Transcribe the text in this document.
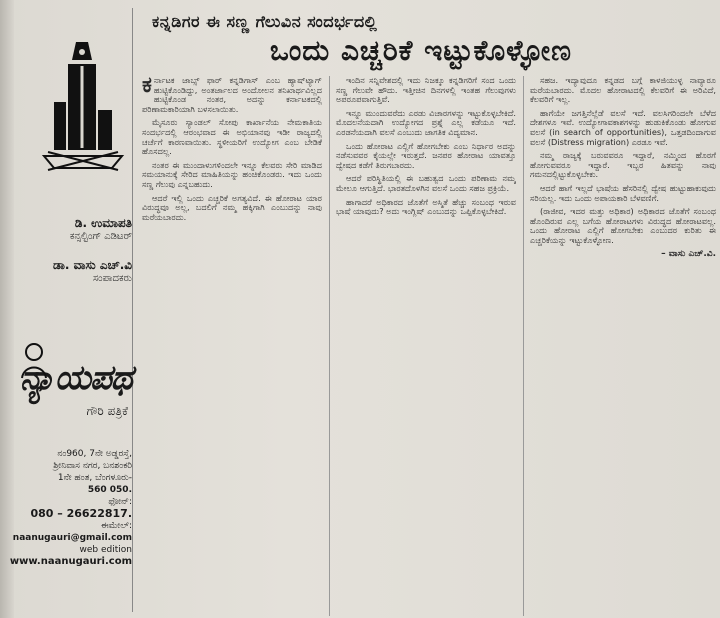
ಡಿ. ಉಮಾಪತಿ
ಕನ್ಸಲ್ಟಿಂಗ್ ಎಡಿಟರ್
ಡಾ. ವಾಸು ಎಚ್.ವಿ
ಸಂಪಾದಕರು
ನ್ಯಾಯಪಥ
ಗೌರಿ ಪತ್ರಿಕೆ
ನಂ960, 7ನೇ ಅಡ್ಡರಸ್ತೆ,
ಶ್ರೀನಿವಾಸ ನಗರ, ಬನಶಂಕರಿ
1ನೇ ಹಂತ, ಬೆಂಗಳೂರು-
560 050.
ಫೋನ್:
080 – 26622817.
ಈಮೇಲ್:
naanugauri@gmail.com
web edition
www.naanugauri.com
ಕನ್ನಡಿಗರ ಈ ಸಣ್ಣ ಗೆಲುವಿನ ಸಂದರ್ಭದಲ್ಲಿ
ಒಂದು ಎಚ್ಚರಿಕೆ ಇಟ್ಟುಕೊಳ್ಳೋಣ

ಕರ್ನಾಟಕ ಜಾಬ್ಸ್ ಫಾರ್ ಕನ್ನಡಿಗಾಸ್ ಎಂಬ ಹ್ಯಾಷ್‌ಟ್ಯಾಗ್ ಹುಟ್ಟಿಕೊಂಡಿದ್ದು, ಅಂತರ್ಜಾಲದ ಅಂದೋಲನ ತನಿಖಾರ್ಥವಿಲ್ಲದ ಹುಟ್ಟಿಕೊಂಡ ನಂತರ, ಅದನ್ನು ಕರ್ನಾಟಕದಲ್ಲಿ ಪರಿಣಾಮಕಾರಿಯಾಗಿ ಬಳಸಲಾಯಿತು.

ಮೈಸೂರು ಸ್ಯಾಂಡಲ್ ಸೋಪು ಕಾರ್ಖಾನೆಯ ನೇಮಕಾತಿಯ ಸಂದರ್ಭದಲ್ಲಿ ಆರಂಭವಾದ ಈ ಅಭಿಯಾನವು ಇಡೀ ರಾಜ್ಯದಲ್ಲಿ ಚರ್ಚೆಗೆ ಕಾರಣವಾಯಿತು. ಸ್ಥಳೀಯರಿಗೆ ಉದ್ಯೋಗ ಎಂಬ ಬೇಡಿಕೆ ಹೊಸದಲ್ಲ.

ನಂತರ ಈ ಮುಂದಾಳುಗಳಿಂದಲೇ ಇನ್ನೂ ಕೆಲವರು ಸೇರಿ ಮಾಡಿದ ಸಮಯಾನುಕ್ಕೆ ಸೇರಿದ ಮಾಹಿತಿಯನ್ನು ಹಂಚಿಕೊಂಡರು. ಇದು ಒಂದು ಸಣ್ಣ ಗೆಲುವು ಎನ್ನಬಹುದು.

ಆದರೆ ಇಲ್ಲಿ ಒಂದು ಎಚ್ಚರಿಕೆ ಅಗತ್ಯವಿದೆ. ಈ ಹೋರಾಟ ಯಾರ ವಿರುದ್ಧವೂ ಅಲ್ಲ, ಬದಲಿಗೆ ನಮ್ಮ ಹಕ್ಕಿಗಾಗಿ ಎಂಬುದನ್ನು ನಾವು ಮರೆಯಬಾರದು.

ಇಂದಿನ ಸನ್ನಿವೇಶದಲ್ಲಿ ಇದು ನಿಜಕ್ಕೂ ಕನ್ನಡಿಗರಿಗೆ ಸಂದ ಒಂದು ಸಣ್ಣ ಗೆಲುವೇ ಹೌದು. ಇತ್ತೀಚಿನ ದಿನಗಳಲ್ಲಿ ಇಂತಹ ಗೆಲುವುಗಳು ಅಪರೂಪವಾಗುತ್ತಿವೆ.

ಇನ್ನೂ ಮುಂದುವರೆದು ಎರಡು ವಿಚಾರಗಳನ್ನು ಇಟ್ಟುಕೊಳ್ಳಬೇಕಿದೆ. ಮೊದಲನೆಯದಾಗಿ ಉದ್ಯೋಗದ ಪ್ರಶ್ನೆ ಎಲ್ಲ ಕಡೆಯೂ ಇದೆ. ಎರಡನೆಯದಾಗಿ ವಲಸೆ ಎಂಬುದು ಜಾಗತಿಕ ವಿದ್ಯಮಾನ.

ಒಂದು ಹೋರಾಟ ಎಲ್ಲಿಗೆ ಹೋಗಬೇಕು ಎಂಬ ನಿರ್ಧಾರ ಅದನ್ನು ನಡೆಸುವವರ ಕೈಯಲ್ಲೇ ಇರುತ್ತದೆ. ಜನಪರ ಹೋರಾಟ ಯಾವತ್ತೂ ದ್ವೇಷದ ಕಡೆಗೆ ತಿರುಗಬಾರದು.

ಆದರೆ ಪರಿಸ್ಥಿತಿಯಲ್ಲಿ ಈ ಬಹುತ್ವದ ಒಂದು ಪರಿಣಾಮ ನಮ್ಮ ಮೇಲೂ ಆಗುತ್ತಿದೆ. ಭಾರತದೊಳಗಿನ ವಲಸೆ ಒಂದು ಸಹಜ ಪ್ರಕ್ರಿಯೆ.

ಹಾಗಾದರೆ ಅಧಿಕಾರದ ಜೊತೆಗೆ ಅಸ್ಮಿತೆ ಹೆಚ್ಚು ಸಂಬಂಧ ಇರುವ ಭಾಷೆ ಯಾವುದು? ಅದು ಇಂಗ್ಲಿಷ್ ಎಂಬುದನ್ನು ಒಪ್ಪಿಕೊಳ್ಳಬೇಕಿದೆ.

ಸಹಜ. ಇದ್ಯಾವುದೂ ಕನ್ನಡದ ಬಗ್ಗೆ ಕಾಳಜಿಯುಳ್ಳ ನಾವ್ಯಾರೂ ಮರೆಯಬಾರದು. ಮೊದಲ ಹೋರಾಟದಲ್ಲಿ ಕೆಲವರಿಗೆ ಈ ಅರಿವಿದೆ, ಕೆಲವರಿಗೆ ಇಲ್ಲ.

ಹಾಗೆಯೇ ಜಗತ್ತಿನೆಲ್ಲೆಡೆ ವಲಸೆ ಇದೆ. ವಲಸಿಗರಿಂದಲೇ ಬೆಳೆದ ದೇಶಗಳೂ ಇವೆ. ಉದ್ಯೋಗಾವಕಾಶಗಳನ್ನು ಹುಡುಕಿಕೊಂಡು ಹೋಗುವ ವಲಸೆ (in search of opportunities), ಒತ್ತಡದಿಂದಾಗುವ ವಲಸೆ (Distress migration) ಎರಡೂ ಇವೆ.

ನಮ್ಮ ರಾಜ್ಯಕ್ಕೆ ಬರುವವರೂ ಇದ್ದಾರೆ, ನಮ್ಮಿಂದ ಹೊರಗೆ ಹೋಗುವವರೂ ಇದ್ದಾರೆ. ಇಬ್ಬರ ಹಿತವನ್ನು ನಾವು ಗಮನದಲ್ಲಿಟ್ಟುಕೊಳ್ಳಬೇಕು.

ಆದರೆ ಹಾಗೆ ಇಲ್ಲದೆ ಭಾಷೆಯ ಹೆಸರಿನಲ್ಲಿ ದ್ವೇಷ ಹುಟ್ಟುಹಾಕುವುದು ಸರಿಯಲ್ಲ. ಇದು ಒಂದು ಅಪಾಯಕಾರಿ ಬೆಳವಣಿಗೆ.

(ರಾಜೀವ, ಇದರ ಮತ್ತು ಅಧಿಕಾರ) ಅಧಿಕಾರದ ಜೊತೆಗೆ ಸಂಬಂಧ ಹೊಂದಿರುವ ಎಲ್ಲ ಬಗೆಯ ಹೋರಾಟಗಳು ವಿರುದ್ಧದ ಹೋರಾಟವಲ್ಲ. ಒಂದು ಹೋರಾಟ ಎಲ್ಲಿಗೆ ಹೋಗಬೇಕು ಎಂಬುದರ ಕುರಿತು ಈ ಎಚ್ಚರಿಕೆಯನ್ನು ಇಟ್ಟುಕೊಳ್ಳೋಣ.

– ವಾಸು ಎಚ್.ವಿ.
